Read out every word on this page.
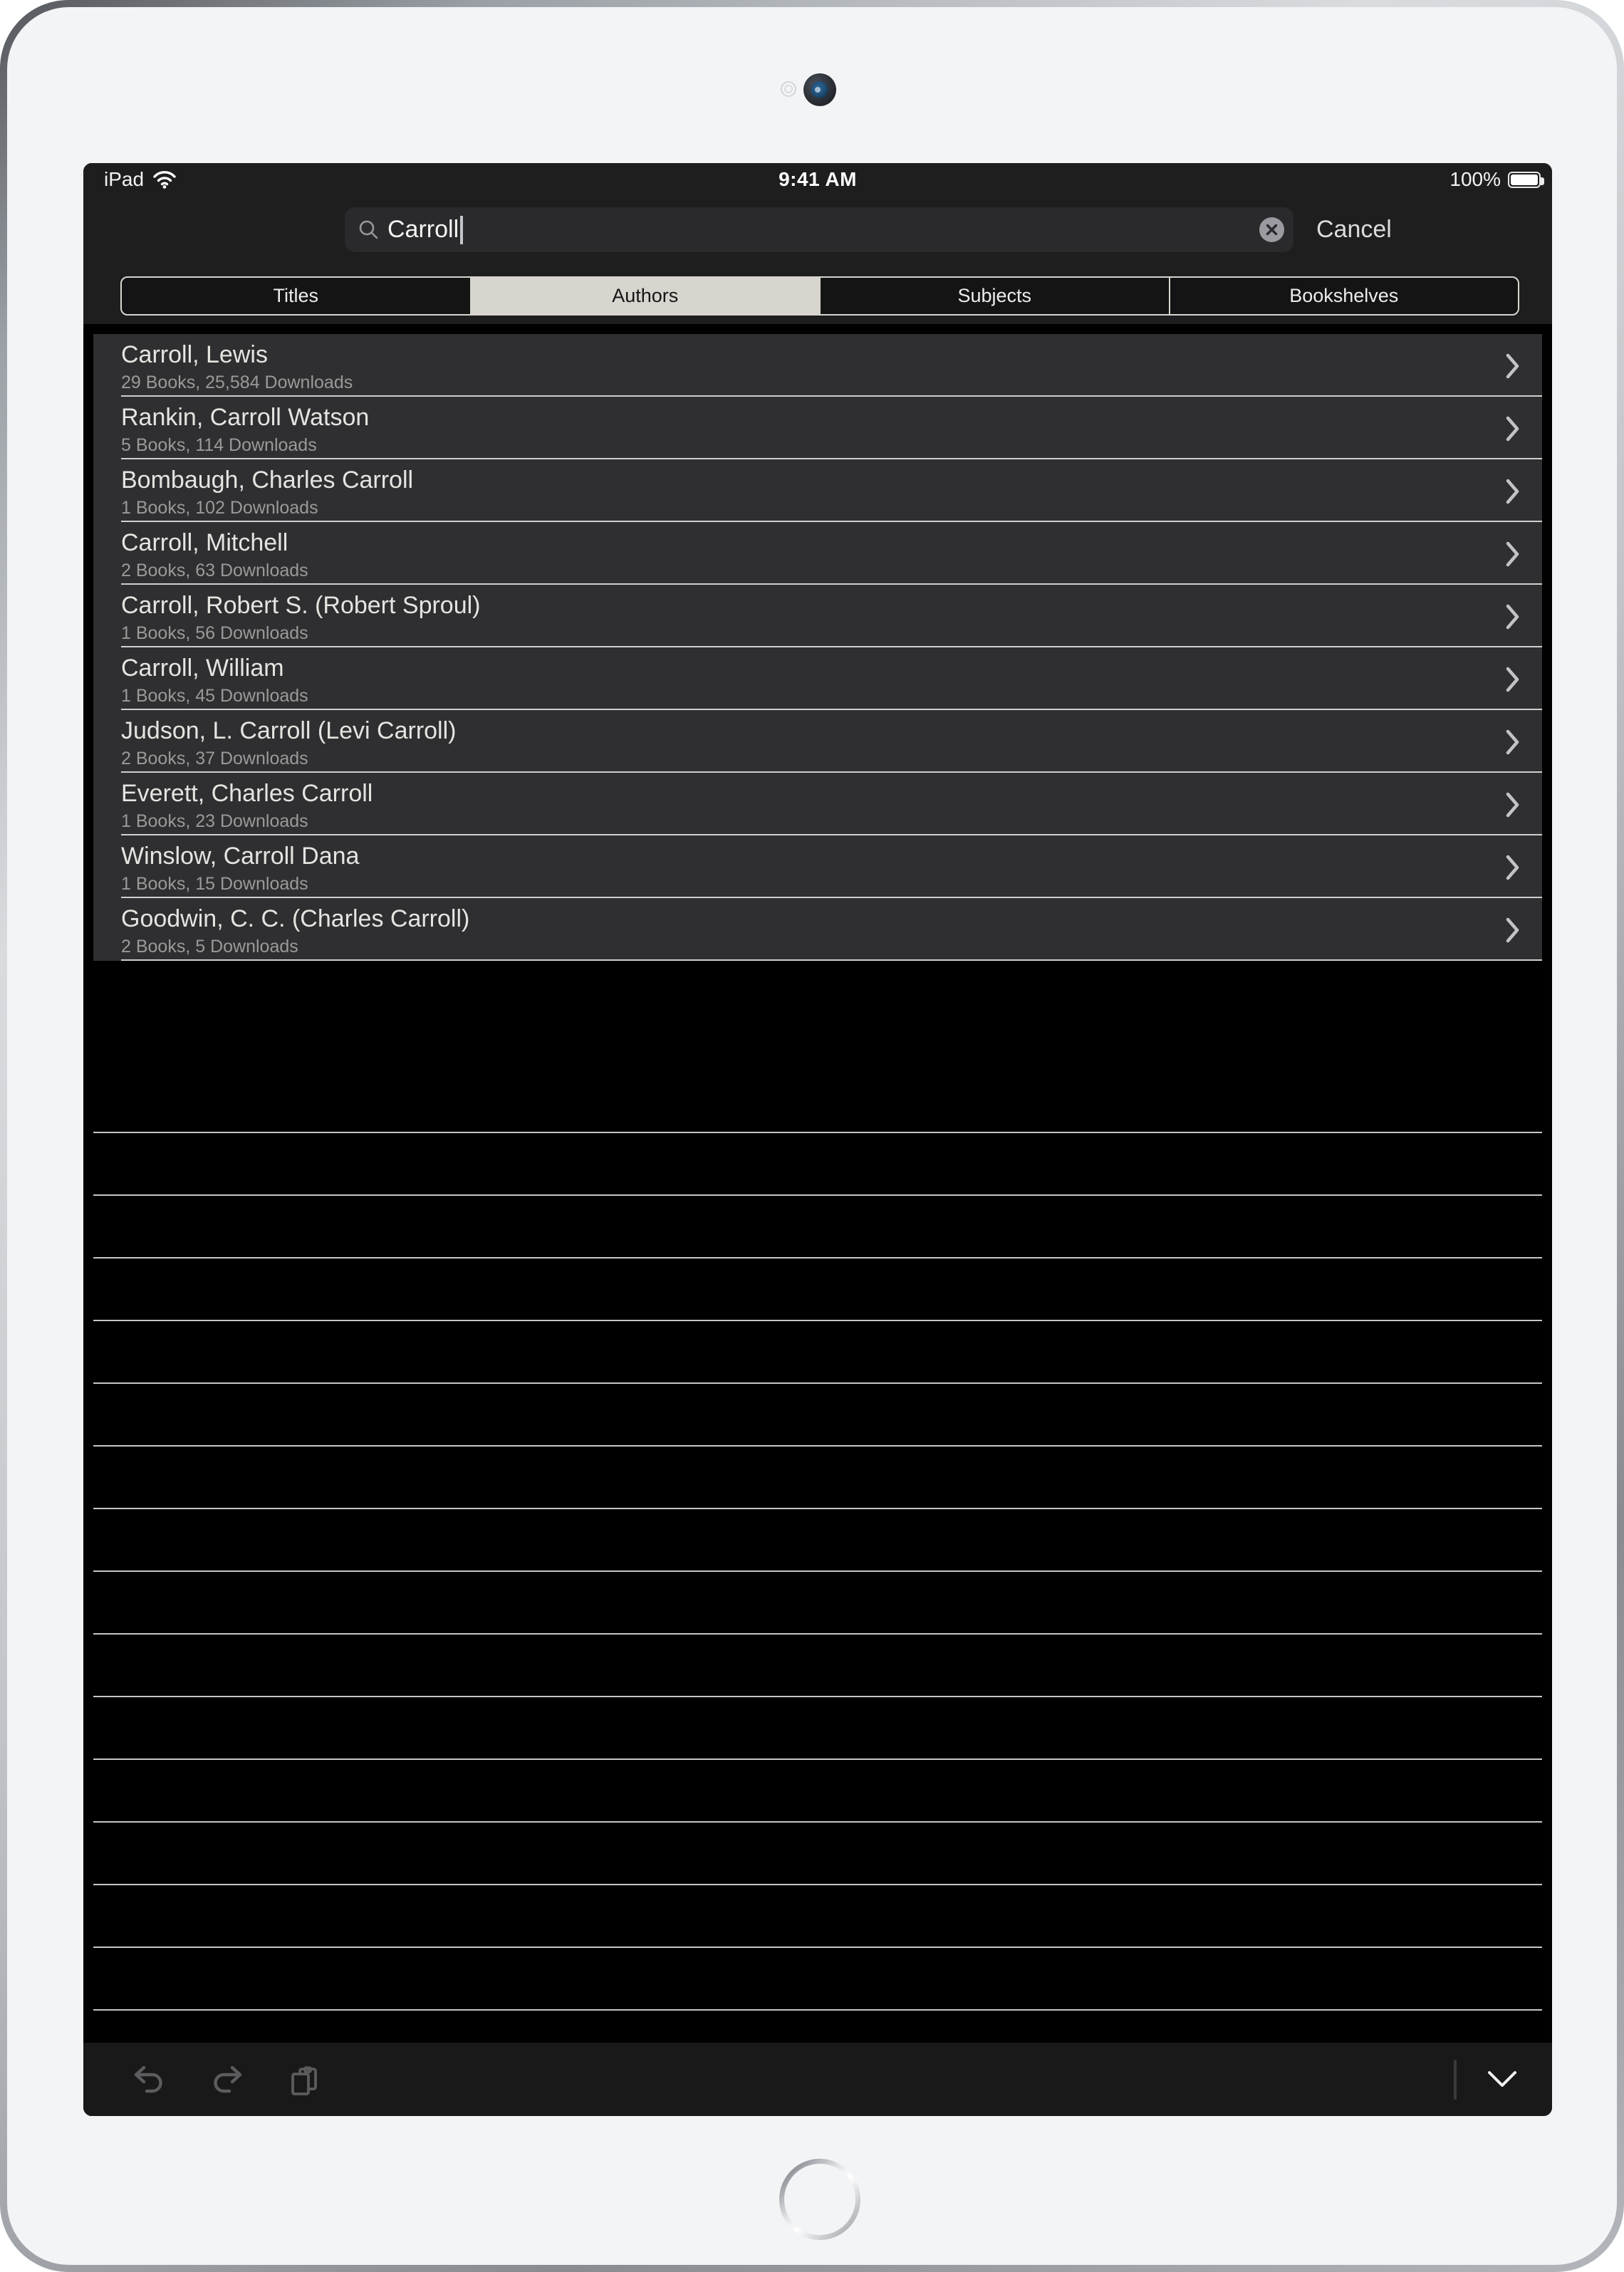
iPad	9:41 AM	100%
Carroll	Cancel
Titles	Authors	Subjects	Bookshelves
Carroll, Lewis
29 Books, 25,584 Downloads
Rankin, Carroll Watson
5 Books, 114 Downloads
Bombaugh, Charles Carroll
1 Books, 102 Downloads
Carroll, Mitchell
2 Books, 63 Downloads
Carroll, Robert S. (Robert Sproul)
1 Books, 56 Downloads
Carroll, William
1 Books, 45 Downloads
Judson, L. Carroll (Levi Carroll)
2 Books, 37 Downloads
Everett, Charles Carroll
1 Books, 23 Downloads
Winslow, Carroll Dana
1 Books, 15 Downloads
Goodwin, C. C. (Charles Carroll)
2 Books, 5 Downloads
